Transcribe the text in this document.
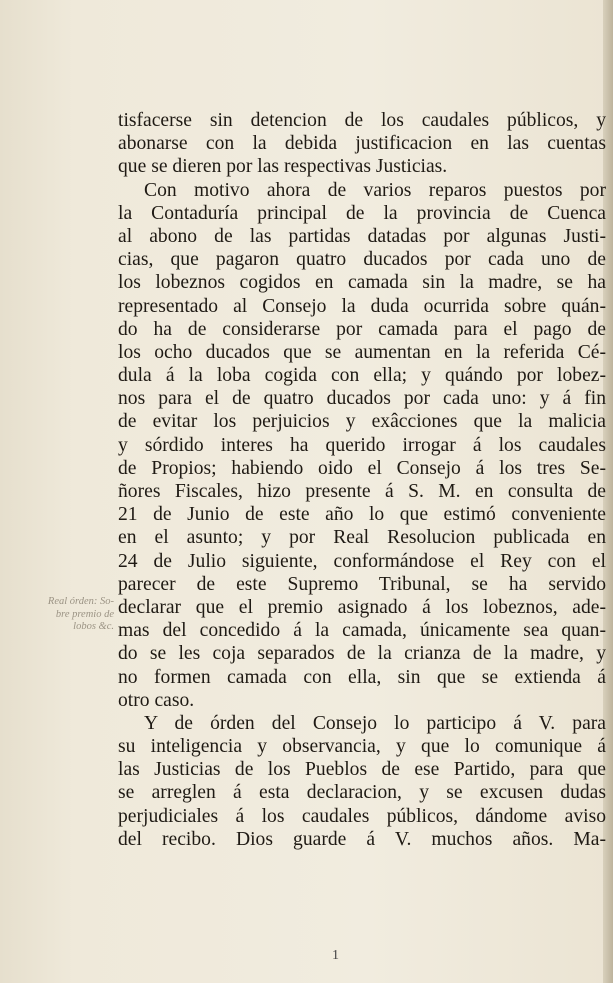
Real órden: So-
bre premio de
lobos &c.
tisfacerse sin detencion de los caudales públicos, y
abonarse con la debida justificacion en las cuentas
que se dieren por las respectivas Justicias.
Con motivo ahora de varios reparos puestos por
la Contaduría principal de la provincia de Cuenca
al abono de las partidas datadas por algunas Justi-
cias, que pagaron quatro ducados por cada uno de
los lobeznos cogidos en camada sin la madre, se ha
representado al Consejo la duda ocurrida sobre quán-
do ha de considerarse por camada para el pago de
los ocho ducados que se aumentan en la referida Cé-
dula á la loba cogida con ella; y quándo por lobez-
nos para el de quatro ducados por cada uno: y á fin
de evitar los perjuicios y exâcciones que la malicia
y sórdido interes ha querido irrogar á los caudales
de Propios; habiendo oido el Consejo á los tres Se-
ñores Fiscales, hizo presente á S. M. en consulta de
21 de Junio de este año lo que estimó conveniente
en el asunto; y por Real Resolucion publicada en
24 de Julio siguiente, conformándose el Rey con el
parecer de este Supremo Tribunal, se ha servido
declarar que el premio asignado á los lobeznos, ade-
mas del concedido á la camada, únicamente sea quan-
do se les coja separados de la crianza de la madre, y
no formen camada con ella, sin que se extienda á
otro caso.
Y de órden del Consejo lo participo á V. para
su inteligencia y observancia, y que lo comunique á
las Justicias de los Pueblos de ese Partido, para que
se arreglen á esta declaracion, y se excusen dudas
perjudiciales á los caudales públicos, dándome aviso
del recibo. Dios guarde á V. muchos años. Ma-
1
